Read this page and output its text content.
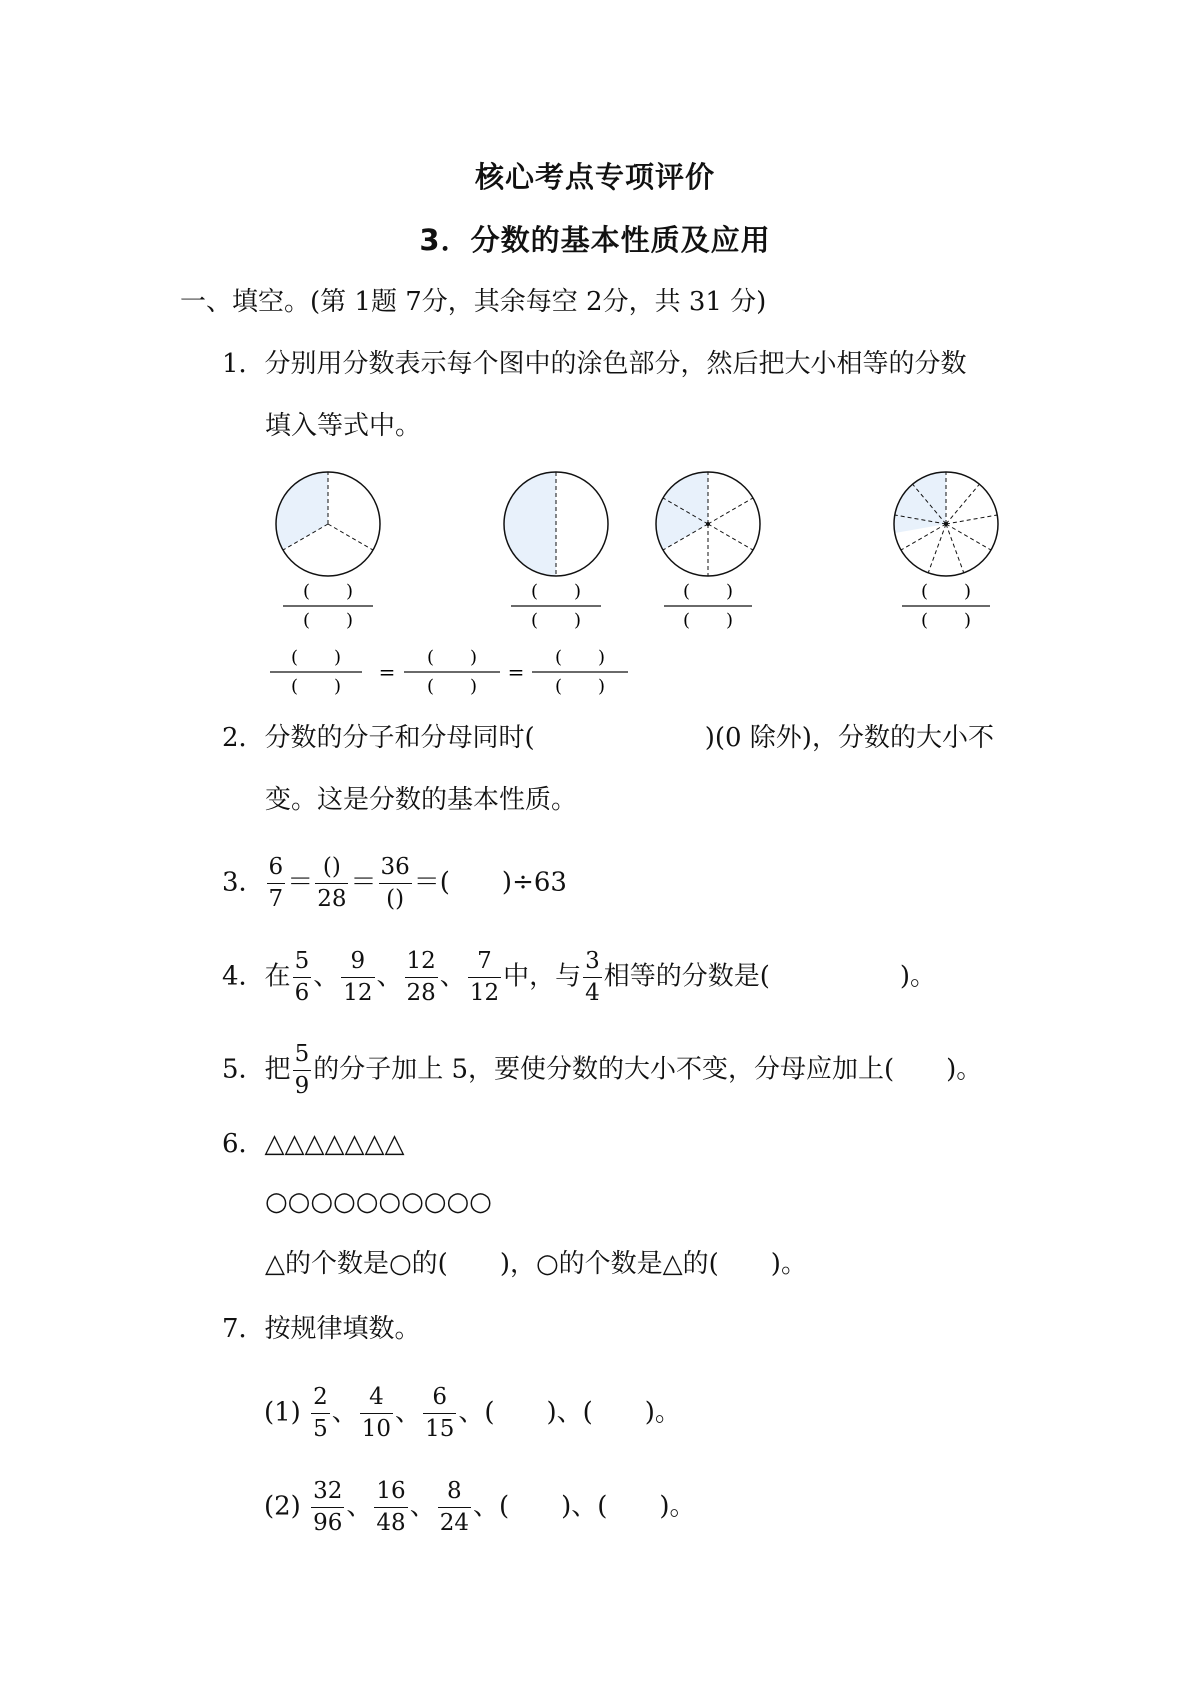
核心考点专项评价
3．分数的基本性质及应用
一、填空。(第 1题 7分，其余每空 2分，共 31 分)
1．分别用分数表示每个图中的涂色部分，然后把大小相等的分数
填入等式中。
(　　)
(　　)
(　　)
(　　)
(　　)
(　　)
(　　)
(　　)
(　　)
(　　)
=
(　　)
(　　)
=
(　　)
(　　)
2．分数的分子和分母同时(	)(0 除外)，分数的大小不
变。这是分数的基本性质。
3． $\frac{6}{7}$ ＝
()
28
＝
36
()
＝(　　)÷63
4．在 $\frac{5}{6}$ 、 $\frac{9}{12}$ 、 $\frac{12}{28}$ 、 $\frac{7}{12}$ 中，与 $\frac{3}{4}$ 相等的分数是(　　　　　)。
5．把 $\frac{5}{9}$ 的分子加上 5，要使分数的大小不变，分母应加上(　　)。
6．△△△△△△△
○○○○○○○○○○
△的个数是○的(　　)，○的个数是△的(　　)。
7．按规律填数。
$(1) \frac{2}{5}$ 、 $\frac{4}{10}$ 、 $\frac{6}{15}$ 、(　　)、(　　)。
$(2) \frac{32}{96}$ 、 $\frac{16}{48}$ 、 $\frac{8}{24}$ 、(　　)、(　　)。
